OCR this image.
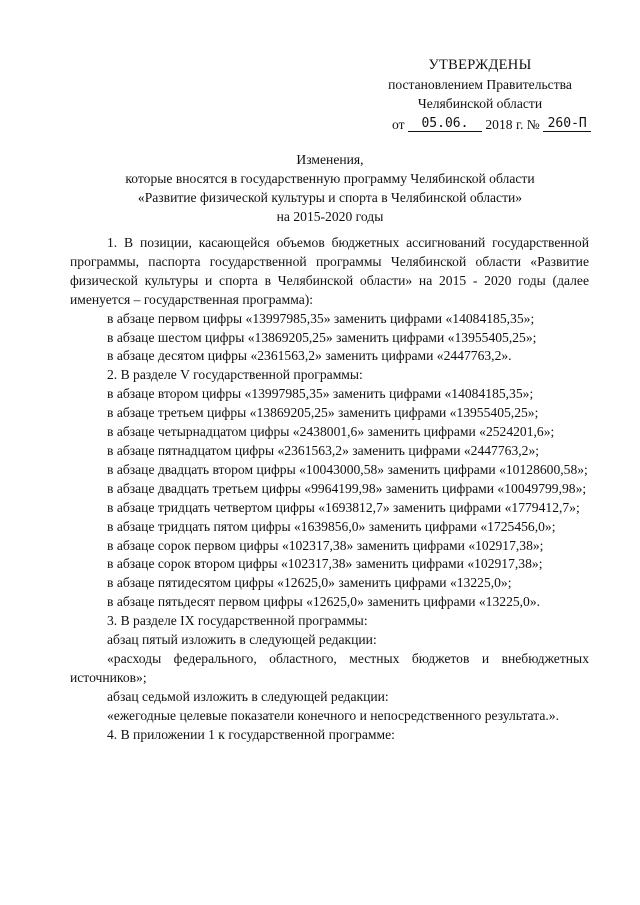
УТВЕРЖДЕНЫ
постановлением Правительства
Челябинской области
от 05.06. 2018 г. № 260-П
Изменения,
которые вносятся в государственную программу Челябинской области
«Развитие физической культуры и спорта в Челябинской области»
на 2015-2020 годы
1. В позиции, касающейся объемов бюджетных ассигнований государственной программы, паспорта государственной программы Челябинской области «Развитие физической культуры и спорта в Челябинской области» на 2015 - 2020 годы (далее именуется – государственная программа):
в абзаце первом цифры «13997985,35» заменить цифрами «14084185,35»;
в абзаце шестом цифры «13869205,25» заменить цифрами «13955405,25»;
в абзаце десятом цифры «2361563,2» заменить цифрами «2447763,2».
2. В разделе V государственной программы:
в абзаце втором цифры «13997985,35» заменить цифрами «14084185,35»;
в абзаце третьем цифры «13869205,25» заменить цифрами «13955405,25»;
в абзаце четырнадцатом цифры «2438001,6» заменить цифрами «2524201,6»;
в абзаце пятнадцатом цифры «2361563,2» заменить цифрами «2447763,2»;
в абзаце двадцать втором цифры «10043000,58» заменить цифрами «10128600,58»;
в абзаце двадцать третьем цифры «9964199,98» заменить цифрами «10049799,98»;
в абзаце тридцать четвертом цифры «1693812,7» заменить цифрами «1779412,7»;
в абзаце тридцать пятом цифры «1639856,0» заменить цифрами «1725456,0»;
в абзаце сорок первом цифры «102317,38» заменить цифрами «102917,38»;
в абзаце сорок втором цифры «102317,38» заменить цифрами «102917,38»;
в абзаце пятидесятом цифры «12625,0» заменить цифрами «13225,0»;
в абзаце пятьдесят первом цифры «12625,0» заменить цифрами «13225,0».
3. В разделе IX государственной программы:
абзац пятый изложить в следующей редакции:
«расходы федерального, областного, местных бюджетов и внебюджетных источников»;
абзац седьмой изложить в следующей редакции:
«ежегодные целевые показатели конечного и непосредственного результата.».
4. В приложении 1 к государственной программе:
